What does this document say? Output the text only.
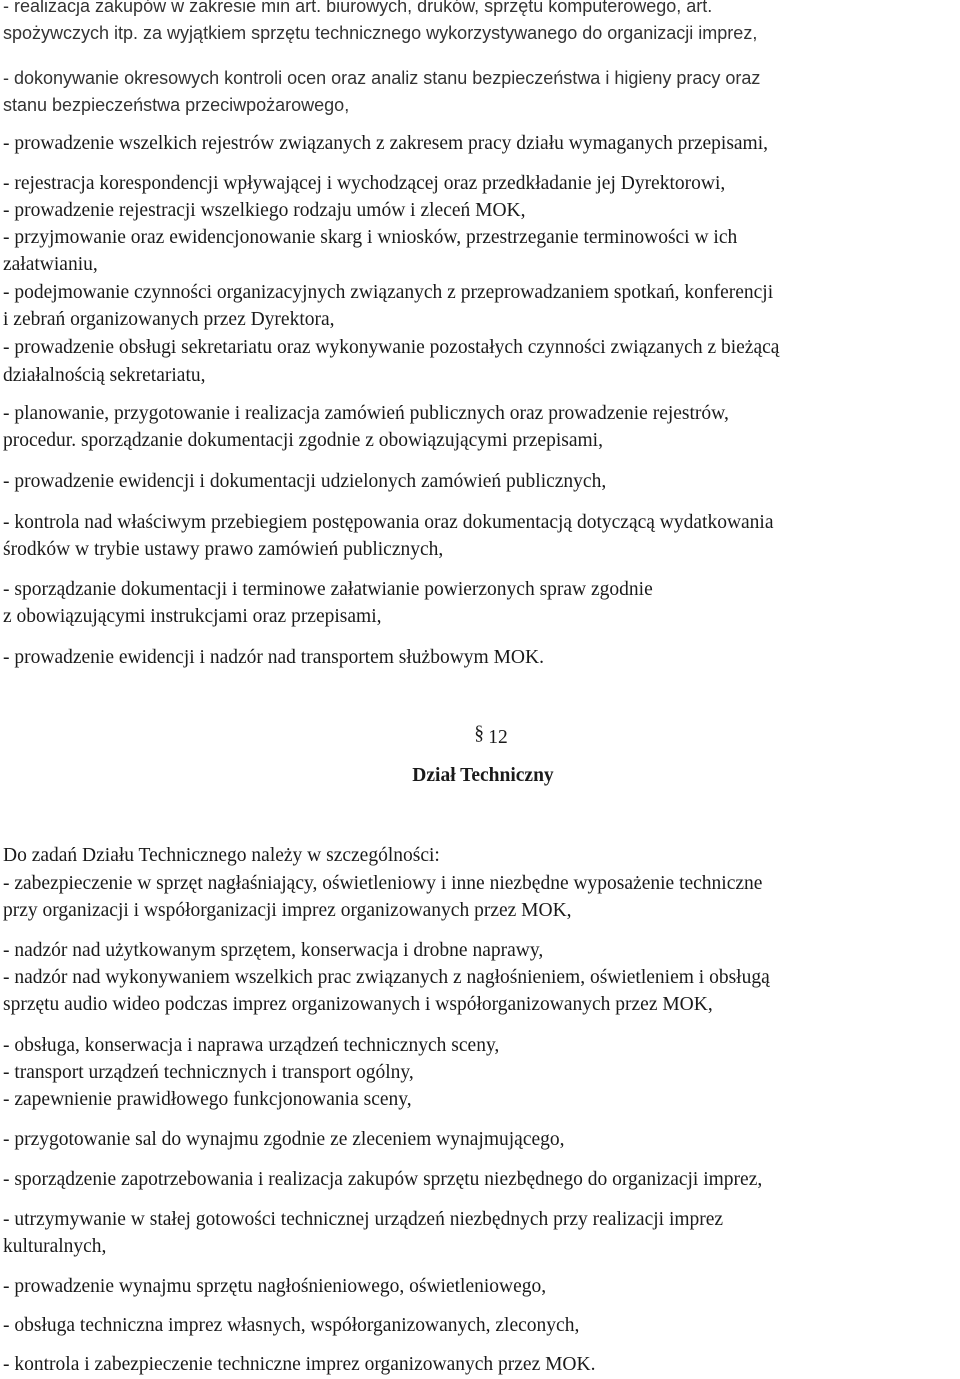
- realizacja zakupów w zakresie min art. biurowych, druków, sprzętu komputerowego, art.
spożywczych itp. za wyjątkiem sprzętu technicznego wykorzystywanego do organizacji imprez,
- dokonywanie okresowych kontroli ocen oraz analiz stanu bezpieczeństwa i higieny pracy oraz
stanu bezpieczeństwa przeciwpożarowego,
- prowadzenie wszelkich rejestrów związanych z zakresem pracy działu wymaganych przepisami,
- rejestracja korespondencji wpływającej i wychodzącej oraz przedkładanie jej Dyrektorowi,
- prowadzenie rejestracji wszelkiego rodzaju umów i zleceń MOK,
- przyjmowanie oraz ewidencjonowanie skarg i wniosków, przestrzeganie terminowości w ich
załatwianiu,
- podejmowanie czynności organizacyjnych związanych z przeprowadzaniem spotkań, konferencji
i zebrań organizowanych przez Dyrektora,
- prowadzenie obsługi sekretariatu oraz wykonywanie pozostałych czynności związanych z bieżącą
działalnością sekretariatu,
- planowanie, przygotowanie i realizacja zamówień publicznych oraz prowadzenie rejestrów,
procedur. sporządzanie dokumentacji zgodnie z obowiązującymi przepisami,
- prowadzenie ewidencji i dokumentacji udzielonych zamówień publicznych,
- kontrola nad właściwym przebiegiem postępowania oraz dokumentacją dotyczącą wydatkowania
środków w trybie ustawy prawo zamówień publicznych,
- sporządzanie dokumentacji i terminowe załatwianie powierzonych spraw zgodnie
z obowiązującymi instrukcjami oraz przepisami,
- prowadzenie ewidencji i nadzór nad transportem służbowym MOK.
§ 12
Dział Techniczny
Do zadań Działu Technicznego należy w szczególności:
- zabezpieczenie w sprzęt nagłaśniający, oświetleniowy i inne niezbędne wyposażenie techniczne
przy organizacji i współorganizacji imprez organizowanych przez MOK,
- nadzór nad użytkowanym sprzętem, konserwacja i drobne naprawy,
- nadzór nad wykonywaniem wszelkich prac związanych z nagłośnieniem, oświetleniem i obsługą
sprzętu audio wideo podczas imprez organizowanych i współorganizowanych przez MOK,
- obsługa, konserwacja i naprawa urządzeń technicznych sceny,
- transport urządzeń technicznych i transport ogólny,
- zapewnienie prawidłowego funkcjonowania sceny,
- przygotowanie sal do wynajmu zgodnie ze zleceniem wynajmującego,
- sporządzenie zapotrzebowania i realizacja zakupów sprzętu niezbędnego do organizacji imprez,
- utrzymywanie w stałej gotowości technicznej urządzeń niezbędnych przy realizacji imprez
kulturalnych,
- prowadzenie wynajmu sprzętu nagłośnieniowego, oświetleniowego,
- obsługa techniczna imprez własnych, współorganizowanych, zleconych,
- kontrola i zabezpieczenie techniczne imprez organizowanych przez MOK.
